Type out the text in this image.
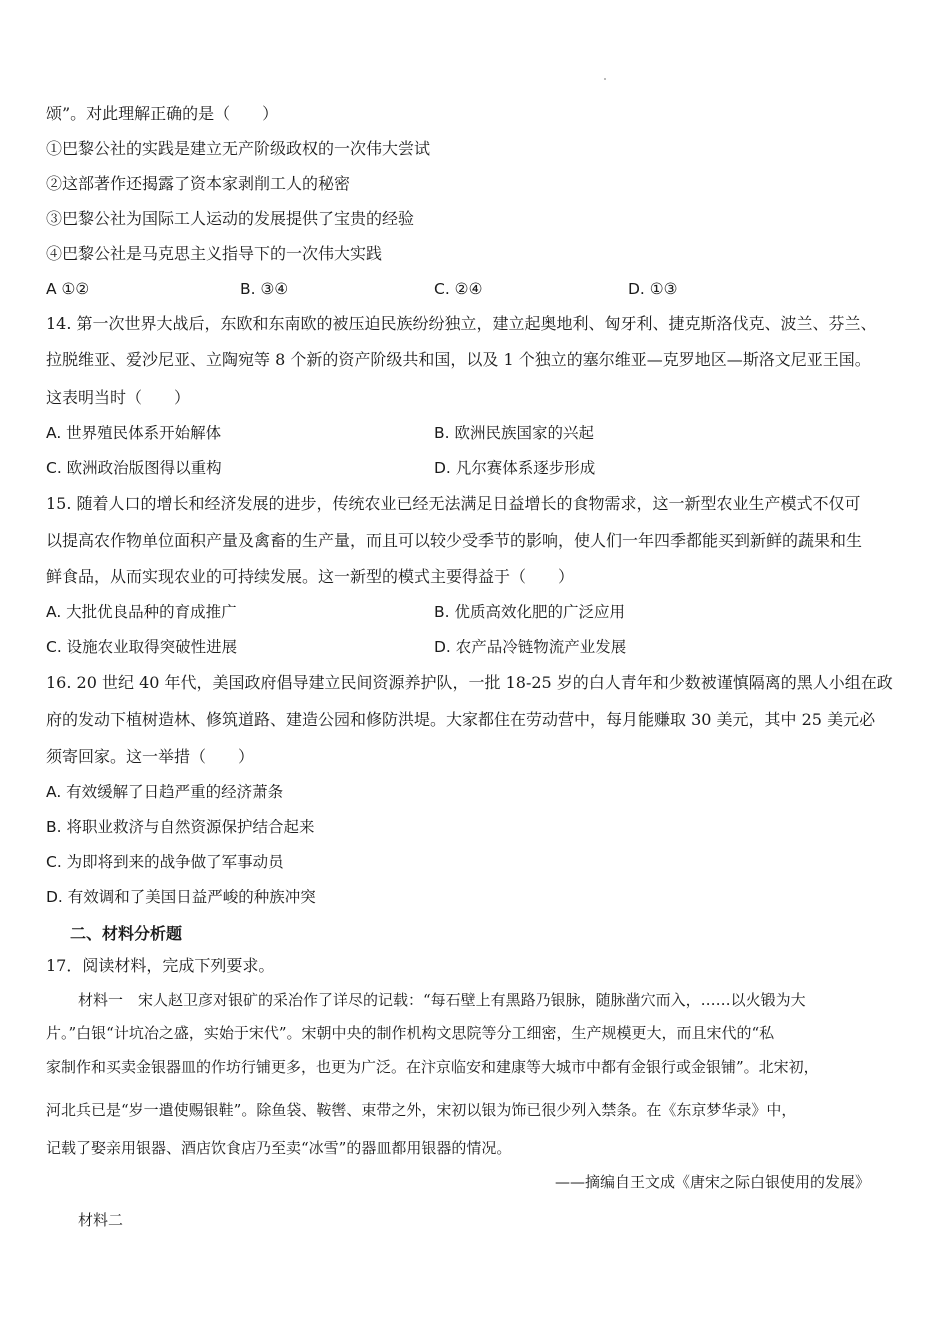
颂”。对此理解正确的是（　　）
①巴黎公社的实践是建立无产阶级政权的一次伟大尝试
②这部著作还揭露了资本家剥削工人的秘密
③巴黎公社为国际工人运动的发展提供了宝贵的经验
④巴黎公社是马克思主义指导下的一次伟大实践
A ①②	B. ③④	C. ②④	D. ①③
14. 第一次世界大战后，东欧和东南欧的被压迫民族纷纷独立，建立起奥地利、匈牙利、捷克斯洛伐克、波兰、芬兰、
拉脱维亚、爱沙尼亚、立陶宛等 8 个新的资产阶级共和国，以及 1 个独立的塞尔维亚—克罗地区—斯洛文尼亚王国。
这表明当时（　　）
A. 世界殖民体系开始解体	B. 欧洲民族国家的兴起
C. 欧洲政治版图得以重构	D. 凡尔赛体系逐步形成
15. 随着人口的增长和经济发展的进步，传统农业已经无法满足日益增长的食物需求，这一新型农业生产模式不仅可
以提高农作物单位面积产量及禽畜的生产量，而且可以较少受季节的影响，使人们一年四季都能买到新鲜的蔬果和生
鲜食品，从而实现农业的可持续发展。这一新型的模式主要得益于（　　）
A. 大批优良品种的育成推广	B. 优质高效化肥的广泛应用
C. 设施农业取得突破性进展	D. 农产品冷链物流产业发展
16. 20 世纪 40 年代，美国政府倡导建立民间资源养护队，一批 18-25 岁的白人青年和少数被谨慎隔离的黑人小组在政
府的发动下植树造林、修筑道路、建造公园和修防洪堤。大家都住在劳动营中，每月能赚取 30 美元，其中 25 美元必
须寄回家。这一举措（　　）
A. 有效缓解了日趋严重的经济萧条
B. 将职业救济与自然资源保护结合起来
C. 为即将到来的战争做了军事动员
D. 有效调和了美国日益严峻的种族冲突
二、材料分析题
17．阅读材料，完成下列要求。
材料一　宋人赵卫彦对银矿的采冶作了详尽的记载：“每石壁上有黑路乃银脉，随脉凿穴而入，……以火锻为大
片。”白银“计坑冶之盛，实始于宋代”。宋朝中央的制作机构文思院等分工细密，生产规模更大，而且宋代的“私
家制作和买卖金银器皿的作坊行铺更多，也更为广泛。在汴京临安和建康等大城市中都有金银行或金银铺”。北宋初，
河北兵已是“岁一遣使赐银鞋”。除鱼袋、鞍辔、束带之外，宋初以银为饰已很少列入禁条。在《东京梦华录》中，
记载了娶亲用银器、酒店饮食店乃至卖“冰雪”的器皿都用银器的情况。
——摘编自王文成《唐宋之际白银使用的发展》
材料二
